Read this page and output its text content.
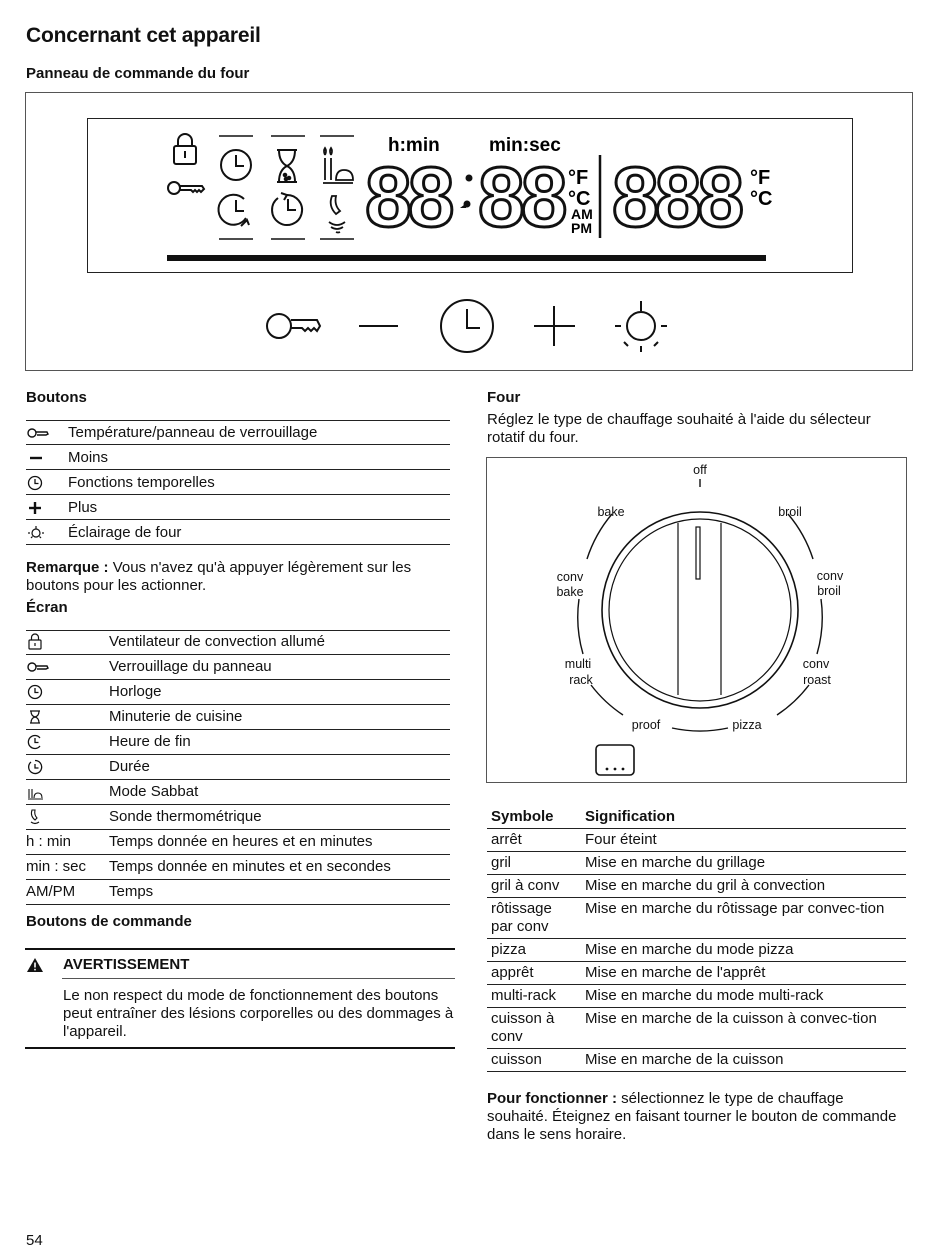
Concernant cet appareil

Panneau de commande du four

h:min	min:sec
88 88 °F
°C
AM
PM 888 °F
°C

Boutons

	Température/panneau de verrouillage
	Moins
	Fonctions temporelles
	Plus
	Éclairage de four

Remarque : Vous n'avez qu'à appuyer légèrement sur les boutons pour les actionner.

Écran

	Ventilateur de convection allumé
	Verrouillage du panneau
	Horloge
	Minuterie de cuisine
	Heure de fin
	Durée
	Mode Sabbat
	Sonde thermométrique
h : min	Temps donnée en heures et en minutes
min : sec	Temps donnée en minutes et en secondes
AM/PM	Temps

Boutons de commande

AVERTISSEMENT

Le non respect du mode de fonctionnement des boutons peut entraîner des lésions corporelles ou des dommages à l'appareil.

Four

Réglez le type de chauffage souhaité à l'aide du sélecteur rotatif du four.

off
bake	broil
conv
bake
conv
broil
multi
rack
conv
roast
proof	pizza
Symbole	Signification
arrêt	Four éteint
gril	Mise en marche du grillage
gril à conv	Mise en marche du gril à convection
rôtissage par conv	Mise en marche du rôtissage par convec-tion
pizza	Mise en marche du mode pizza
apprêt	Mise en marche de l'apprêt
multi-rack	Mise en marche du mode multi-rack
cuisson à conv	Mise en marche de la cuisson à convec-tion
cuisson	Mise en marche de la cuisson

Pour fonctionner : sélectionnez le type de chauffage souhaité. Éteignez en faisant tourner le bouton de commande dans le sens horaire.

54
